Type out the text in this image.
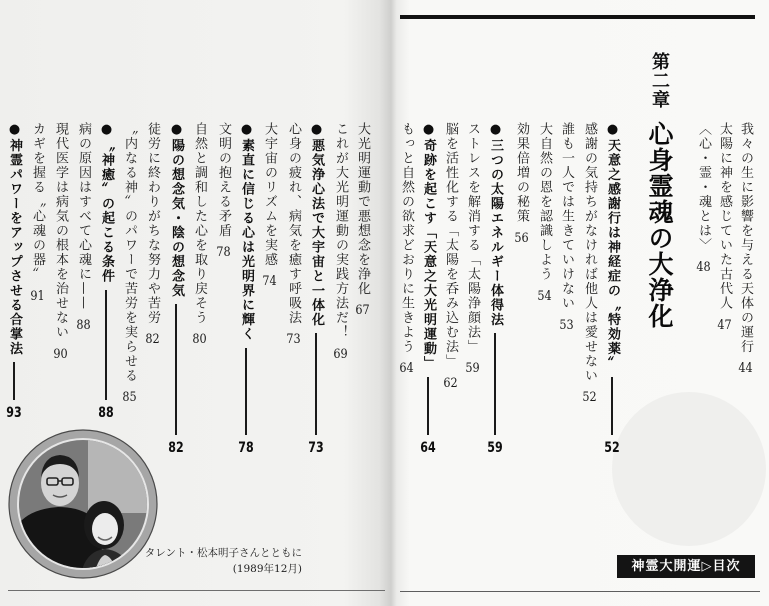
我々の生に影響を与える天体の運行
44
太陽に神を感じていた古代人
47
〈心・霊・魂とは〉
48
第二章
心身霊魂の大浄化
●天意之感謝行は神経症の〝特効薬〟
52
感謝の気持ちがなければ他人は愛せない
52
誰も一人では生きていけない
53
大自然の恩を認識しよう
54
効果倍増の秘策
56
●三つの太陽エネルギー体得法
59
ストレスを解消する「太陽浄顔法」
59
脳を活性化する「太陽を呑み込む法」
62
●奇跡を起こす「天意之大光明運動」
64
もっと自然の欲求どおりに生きよう
64
神霊大開運▷目次
大光明運動で悪想念を浄化
67
これが大光明運動の実践方法だ！
69
●悪気浄心法で大宇宙と一体化
73
心身の疲れ、病気を癒す呼吸法
73
大宇宙のリズムを実感
74
●素直に信じる心は光明界に輝く
78
文明の抱える矛盾
78
自然と調和した心を取り戻そう
80
●陽の想念気・陰の想念気
82
徒労に終わりがちな努力や苦労
82
〝内なる神〟のパワーで苦労を実らせる
85
●〝神癒〟の起こる条件
88
病の原因はすべて心魂に——
88
現代医学は病気の根本を治せない
90
カギを握る〝心魂の器〟
91
●神霊パワーをアップさせる合掌法
93
タレント・松本明子さんとともに
(1989年12月)
